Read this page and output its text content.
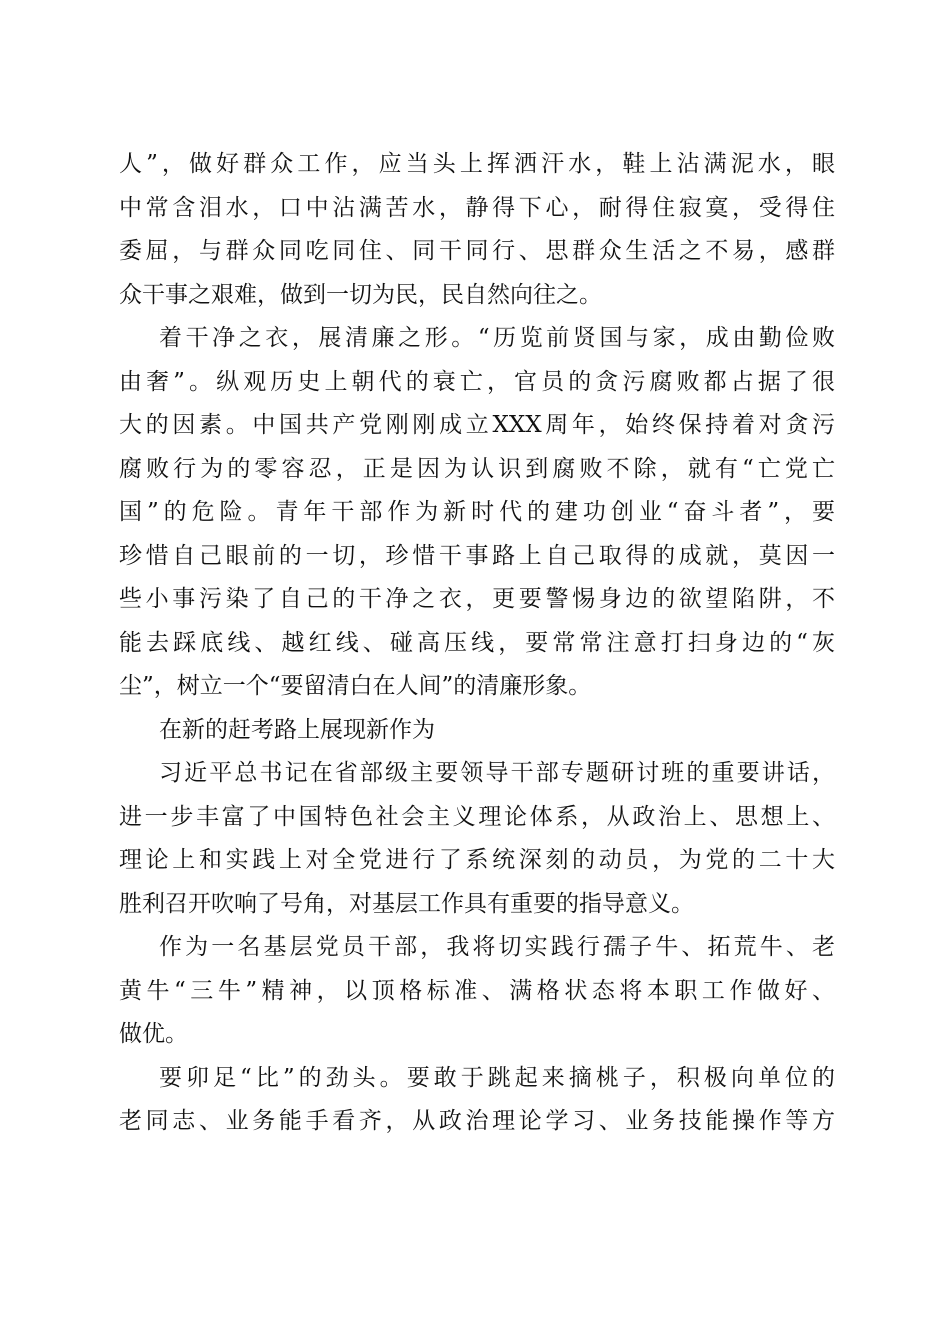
人”，做好群众工作，应当头上挥洒汗水，鞋上沾满泥水，眼
中常含泪水，口中沾满苦水，静得下心，耐得住寂寞，受得住
委屈，与群众同吃同住、同干同行、思群众生活之不易，感群
众干事之艰难，做到一切为民，民自然向往之。
着干净之衣，展清廉之形。“历览前贤国与家，成由勤俭败
由奢”。纵观历史上朝代的衰亡，官员的贪污腐败都占据了很
大的因素。中国共产党刚刚成立XXX周年，始终保持着对贪污
腐败行为的零容忍，正是因为认识到腐败不除，就有“亡党亡
国”的危险。青年干部作为新时代的建功创业“奋斗者”，要
珍惜自己眼前的一切，珍惜干事路上自己取得的成就，莫因一
些小事污染了自己的干净之衣，更要警惕身边的欲望陷阱，不
能去踩底线、越红线、碰高压线，要常常注意打扫身边的“灰
尘”，树立一个“要留清白在人间”的清廉形象。
在新的赶考路上展现新作为
习近平总书记在省部级主要领导干部专题研讨班的重要讲话，
进一步丰富了中国特色社会主义理论体系，从政治上、思想上、
理论上和实践上对全党进行了系统深刻的动员，为党的二十大
胜利召开吹响了号角，对基层工作具有重要的指导意义。
作为一名基层党员干部，我将切实践行孺子牛、拓荒牛、老
黄牛“三牛”精神，以顶格标准、满格状态将本职工作做好、
做优。
要卯足“比”的劲头。要敢于跳起来摘桃子，积极向单位的
老同志、业务能手看齐，从政治理论学习、业务技能操作等方
